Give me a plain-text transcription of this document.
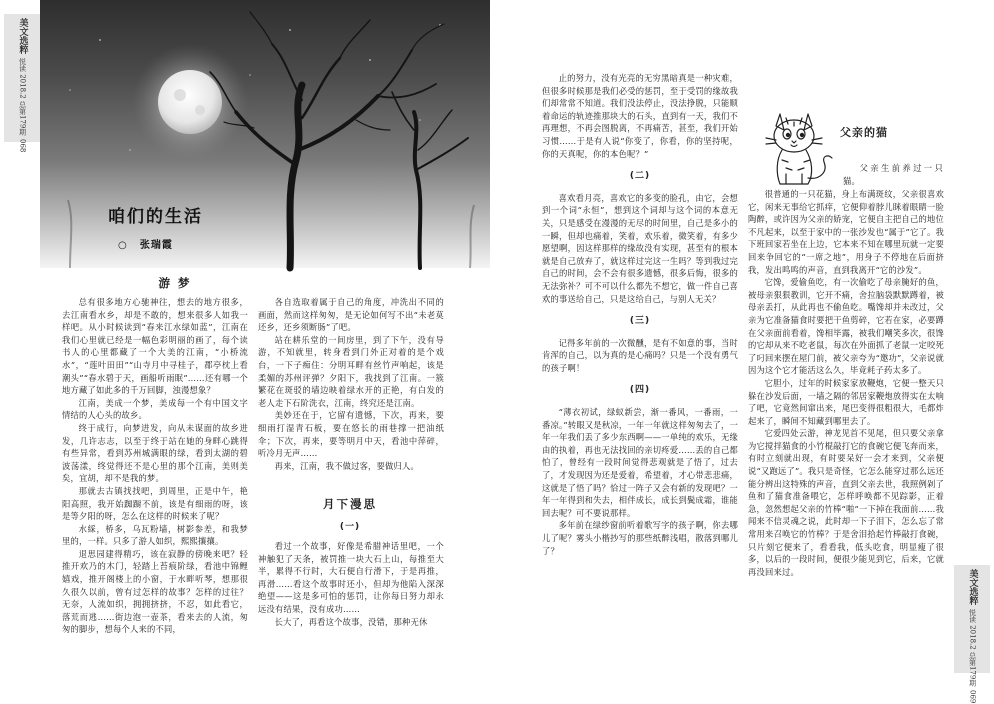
美文选粹
悦读 2018.2 总第179期
068
咱们的生活
○ 张瑞霞
游 梦

总有很多地方心驰神往，想去的地方很多，去江南看水乡，却是不敢的，想来很多人如我一样吧。从小时候读到“春来江水绿如蓝”，江南在我们心里就已经是一幅色彩明丽的画了，每个读书人的心里都藏了一个大美的江南，“小桥流水”，“莲叶田田”“山寺月中寻桂子，郡亭枕上看潮头”“春水碧于天，画船听雨眠”……还有哪一个地方藏了如此多的千万回脚，浊漫想象？

江南，美成一个梦，美成每一个有中国文字情结的人心头的故乡。

终于成行，向梦进发，向从未谋面的故乡进发，几许志志，以至于终于站在她的身畔心跳得有些异常，看到苏州城满眼的绿，看到太湖的碧波荡漾，终觉得还不是心里的那个江南，美则美矣，宜胡，却不是我的梦。

那就去古镇找找吧，到周里，正是中午，艳阳高照，我开始踟蹰不前，该是有细雨的呀，该是等夕阳的呀，怎么在这样的时候来了呢？

水綵，桥多，乌瓦粉墙，树影参差，和我梦里的，一样。只多了游人如织，熙熙攘攘。

退思园建得精巧，该在寂静的傍晚来吧？轻推开欢乃的木门，轻踏上苔痕阶绿，看池中锦鲤嬉戏，推开阁楼上的小窗，于水畔听琴，想那很久很久以前，曾有过怎样的故事？怎样的过往？无奈，人流如织，拥拥挤挤，不忍，如此看它，落荒而逃……街边泡一壶茶，看来去的人流，匆匆的脚步，想每个人来的不同，

各自选取着属于自己的角度，冲洗出不同的画面，然而这样匆匆，是无论如何写不出“未老莫还乡，还乡须断肠”了吧。

站在耕乐堂的一间房里，到了下午，没有导游，不知就里，转身看到门外正对着的是个戏台，一下子痴住：分明耳畔有丝竹声响起，该是柔媚的苏州评弹？夕阳下，我找到了江南。一簇繁花在斑驳的墙边映着绿水开的正艳，有白发的老人走下石阶洗衣，江南，终究还是江南。

美妙还在于，它留有遗憾，下次，再来，要细雨打湿青石板，要在悠长的雨巷撑一把油纸伞；下次，再来，要等明月中天，看池中萍碎，听冷月无声……

再来，江南，我不做过客，要做归人。

月下漫思
(一)

看过一个故事，好像是希腊神话里吧，一个神触犯了天条，被罚推一块大石上山，每推至大半，累得不行时，大石便自行滑下，于是再推，再滑……看这个故事时还小，但却为他陷入深深绝望——这是多可怕的惩罚，让你每日努力却永远没有结果，没有成功……

长大了，再看这个故事，没错，那种无休

美文选粹
悦读 2018.2 总第179期
069

止的努力，没有光亮的无穷黑暗真是一种灾难，但很多时候那是我们必受的惩罚，至于受罚的缘故我们却常常不知道。我们没法停止，没法挣脱，只能顺着命运的轨迹推那块大的石头，直到有一天，我们不再理想，不再会图脱离，不再痛苦，甚至，我们开始习惯……于是有人说“你变了，你看，你的坚持呢，你的天真呢，你的本色呢？”

(二)

喜欢看月亮，喜欢它的多变的脸孔，由它，会想到一个词“永恒”，想到这个词却与这个词的本意无关，只是感受在漫漫的无尽的时间里，自己是多小的一瞬，但却也痛着，笑着，欢乐着，微笑着，有多少愿望啊，因这样那样的缘故没有实现，甚至有的根本就是自己放弃了，就这样过完这一生吗？等到我过完自己的时间，会不会有很多遗憾，很多后悔，很多的无法弥补？可不可以什么都先不想它，做一件自己喜欢的事送给自己，只是这给自己，与别人无关？

(三)

记得多年前的一次微醺，是有不如意的事，当时肯浑的自己，以为真的是心痛吗？只是一个没有勇气的孩子啊！

(四)

“薄衣初试，绿蚁新尝，渐一番风，一番雨，一番凉。”转眼又是秋凉，一年一年就这样匆匆去了，一年一年我们丢了多少东西啊——一单纯的欢乐，无缘由的执着，再也无法找回的亲切疼爱……丢的自己都怕了，曾经有一段时间觉得悲观就是了悟了，过去了，才发现因为还是爱着，希望着，才心带悲悲痛，这就是了悟了吗？恰过一阵子又会有新的发现吧？一年一年得到和失去，相伴成长，成长到鬓成霜，谁能回去呢？可不要说那样。

多年前在绿纱窗前听着歌写字的孩子啊，你去哪儿了呢？雾头小楷抄写的那些纸醉浅唱，散落到哪儿了？

父亲的猫

父亲生前养过一只猫。

很普通的一只花猫，身上布满斑纹，父亲很喜欢它，闲来无事给它抓痒，它便仰着脖儿眯着眼睛一脸陶醉，或许因为父亲的娇宠，它便自主把自己的地位不凡起来，以至于家中的一张沙发也“属于”它了。我下班回家若坐在上边，它本来不知在哪里玩就一定要回来争回它的“一席之地”，用身子不停地在后面挤我，发出鸣鸣的声音，直到我离开“它的沙发”。

它馋，爱偷鱼吃，有一次偷吃了母亲腌好的鱼，被母亲狠狠教训，它开不痛，舍拉脑袋默默蹲着，被母亲丢打，从此再也不偷鱼吃。嘴馋却并未改过，父亲为它准备猫食时要把干鱼剪碎，它若在家，必要蹲在父亲面前看着，馋相毕露，被我们嘲笑多次，很馋的它却从来不吃老鼠，每次在外面抓了老鼠一定咬死了叼回来摆在屋门前，被父亲夸为“邀功”，父亲说就因为这个它才能活这么久，毕竟耗子药太多了。

它胆小，过年的时候家家放鞭炮，它便一整天只躲在沙发后面，一墙之隔的邻居家鞭炮放得实在太响了吧，它竟然间窜出来，尾巴变得很粗很大，毛都炸起来了，瞬间不知藏到哪里去了。

它爱四处云游，神龙见首不见尾，但只要父亲拿为它搅拌猫食的小竹棍敲打它的食碗它便飞奔而来，有时立刻就出现，有时要呆好一会才来到，父亲便说“又跑远了”。我只是奇怪，它怎么能穿过那么远还能分辨出这特殊的声音，直到父亲去世，我照例剁了鱼和了猫食准备喂它，怎样呼唤都不见踪影，正着急，忽然想起父亲的竹棒“啪”一下掉在我面前……我闻来不信灵魂之说，此时却一下子泪下，怎么忘了常常用来召唤它的竹棒？于是舍泪拾起竹棒敲打食碗，只片刻它便来了，看看我，低头吃食，明显瘦了很多，以后的一段时间，便很少能见到它，后来，它就再没回来过。
